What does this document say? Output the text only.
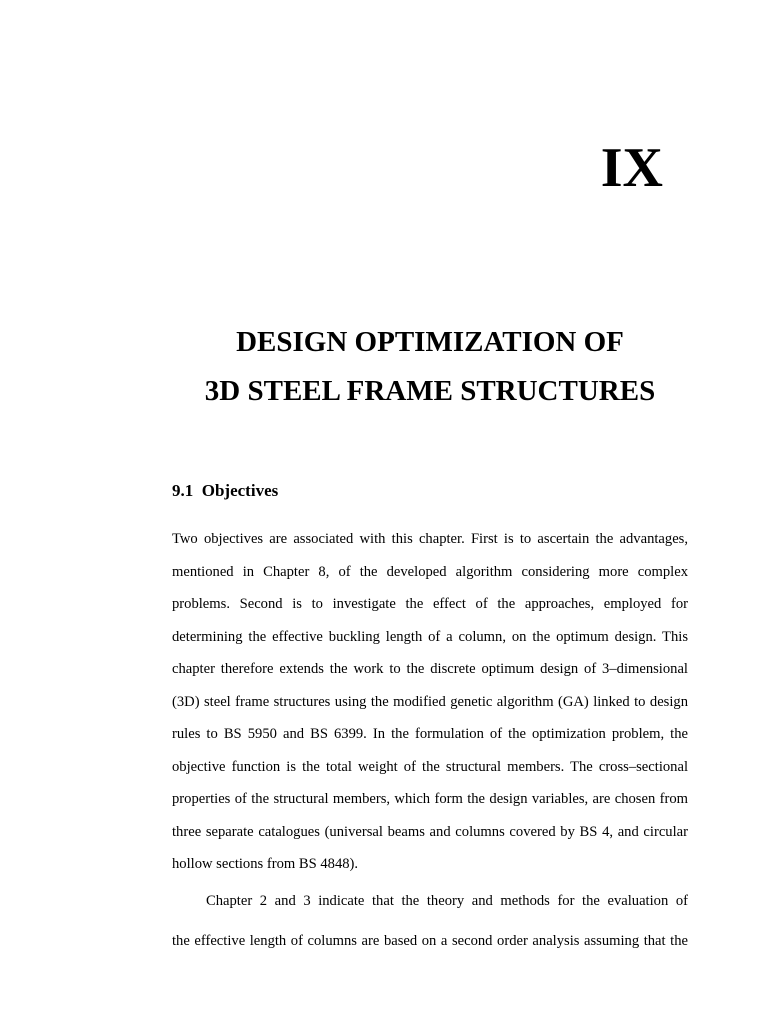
IX
DESIGN OPTIMIZATION OF
3D STEEL FRAME STRUCTURES
9.1  Objectives
Two objectives are associated with this chapter. First is to ascertain the advantages,
mentioned in Chapter 8, of the developed algorithm considering more complex
problems. Second is to investigate the effect of the approaches, employed for
determining the effective buckling length of a column, on the optimum design. This
chapter therefore extends the work to the discrete optimum design of 3–dimensional
(3D) steel frame structures using the modified genetic algorithm (GA) linked to design
rules to BS 5950 and BS 6399. In the formulation of the optimization problem, the
objective function is the total weight of the structural members. The cross–sectional
properties of the structural members, which form the design variables, are chosen from
three separate catalogues (universal beams and columns covered by BS 4, and circular
hollow sections from BS 4848).
Chapter 2 and 3 indicate that the theory and methods for the evaluation of
the effective length of columns are based on a second order analysis assuming that the
